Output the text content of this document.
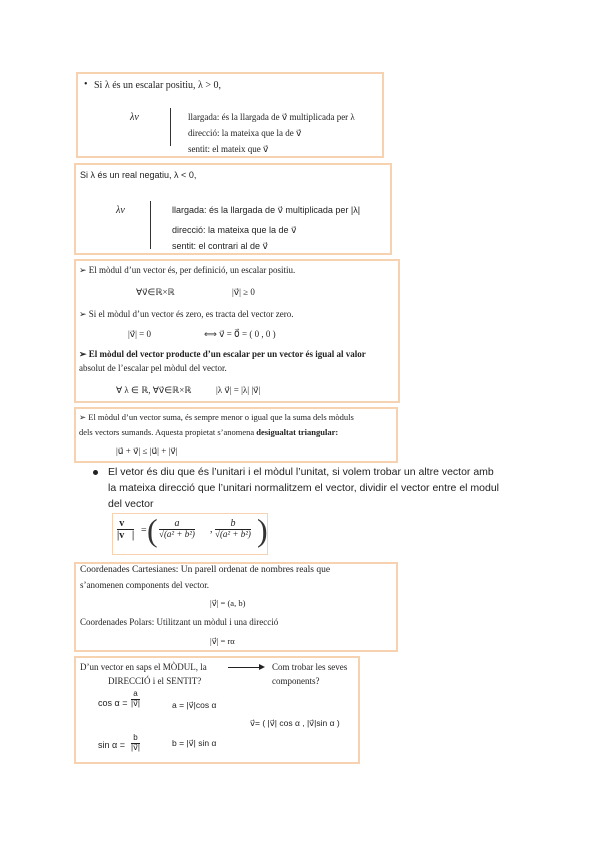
• Si λ és un escalar positiu, λ > 0,
λv⃗	llargada: és la llargada de v⃗ multiplicada per λ
direcció: la mateixa que la de v⃗
sentit: el mateix que v⃗
Si λ és un real negatiu, λ < 0,
λv⃗	llargada: és la llargada de v⃗ multiplicada per |λ|
direcció: la mateixa que la de v⃗
sentit: el contrari al de v⃗
➢ El mòdul d’un vector és, per definició, un escalar positiu.
∀v⃗∈ℝ×ℝ	|v⃗| ≥ 0
➢ Si el mòdul d’un vector és zero, es tracta del vector zero.
|v⃗| = 0	⟺ v⃗ = 0⃗ = ( 0 , 0 )
➢ El mòdul del vector producte d’un escalar per un vector és igual al valor
absolut de l’escalar pel mòdul del vector.
∀ λ ∈ ℝ, ∀v⃗∈ℝ×ℝ	|λ v⃗| = |λ| |v⃗|
➢ El mòdul d’un vector suma, és sempre menor o igual que la suma dels mòduls
dels vectors sumands. Aquesta propietat s’anomena desigualtat triangular:
|u⃗ + v⃗| ≤ |u⃗| + |v⃗|
El vetor és diu que és l’unitari i el mòdul l’unitat, si volem trobar un altre vector amb
la mateixa direcció que l’unitari normalitzem el vector, dividir el vector entre el modul
del vector
$\frac{v⃗}{|v⃗|}$ = ( $\frac{a}{\text{√(a² + b²)}}$ , $\frac{b}{\text{√(a² + b²)}}$ )
Coordenades Cartesianes: Un parell ordenat de nombres reals que
s’anomenen components del vector.
|v⃗| = (a, b)
Coordenades Polars: Utilitzant un mòdul i una direcció
|v⃗| = rα
D’un vector en saps el MÒDUL, la
DIRECCIÓ i el SENTIT?
Com trobar les seves
components?
$\cos \alpha = \frac{a}{|v⃗|}$	a = |v⃗|cos α
v⃗= ( |v⃗| cos α , |v⃗|sin α )
$\sin \alpha = \frac{b}{|v⃗|}$	b = |v⃗| sin α
